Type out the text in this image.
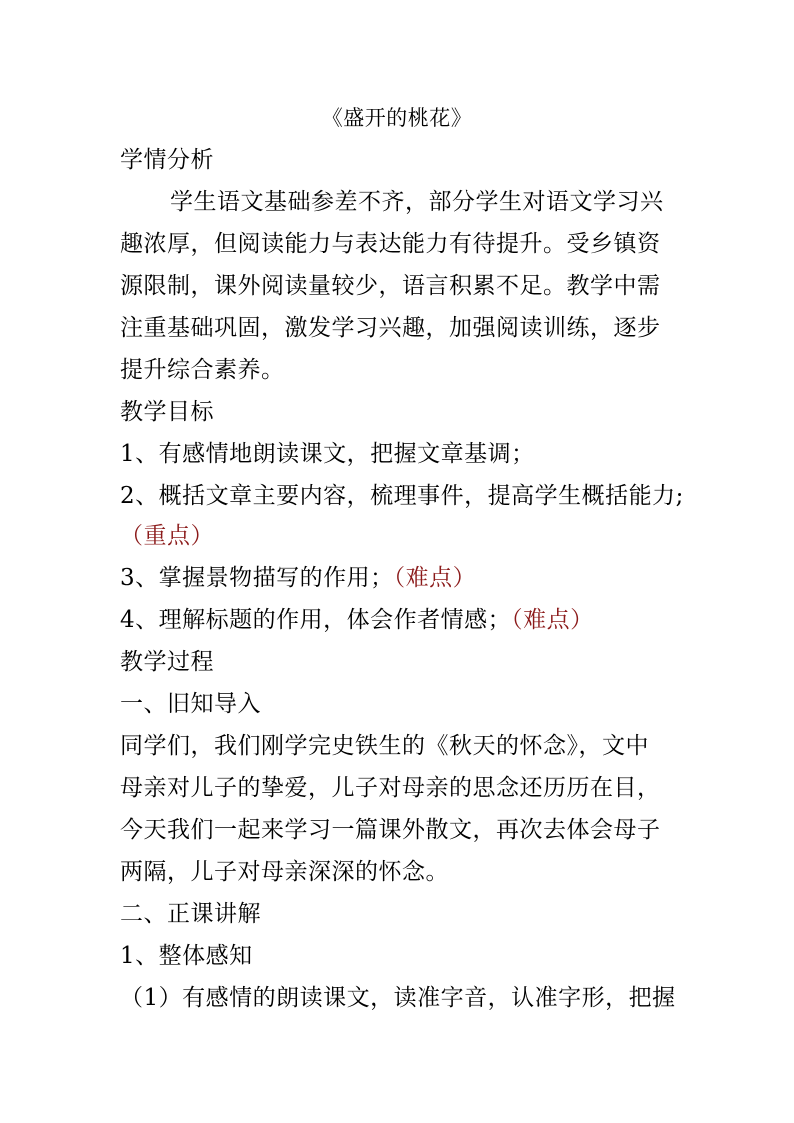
《盛开的桃花》
学情分析
学生语文基础参差不齐，部分学生对语文学习兴
趣浓厚，但阅读能力与表达能力有待提升。受乡镇资
源限制，课外阅读量较少，语言积累不足。教学中需
注重基础巩固，激发学习兴趣，加强阅读训练，逐步
提升综合素养。
教学目标
1、有感情地朗读课文，把握文章基调；
2、概括文章主要内容，梳理事件，提高学生概括能力;
（重点）
3、掌握景物描写的作用；（难点）
4、理解标题的作用，体会作者情感；（难点）
教学过程
一、旧知导入
同学们，我们刚学完史铁生的《秋天的怀念》，文中
母亲对儿子的挚爱，儿子对母亲的思念还历历在目，
今天我们一起来学习一篇课外散文，再次去体会母子
两隔，儿子对母亲深深的怀念。
二、正课讲解
1、整体感知
（1）有感情的朗读课文，读准字音，认准字形，把握
